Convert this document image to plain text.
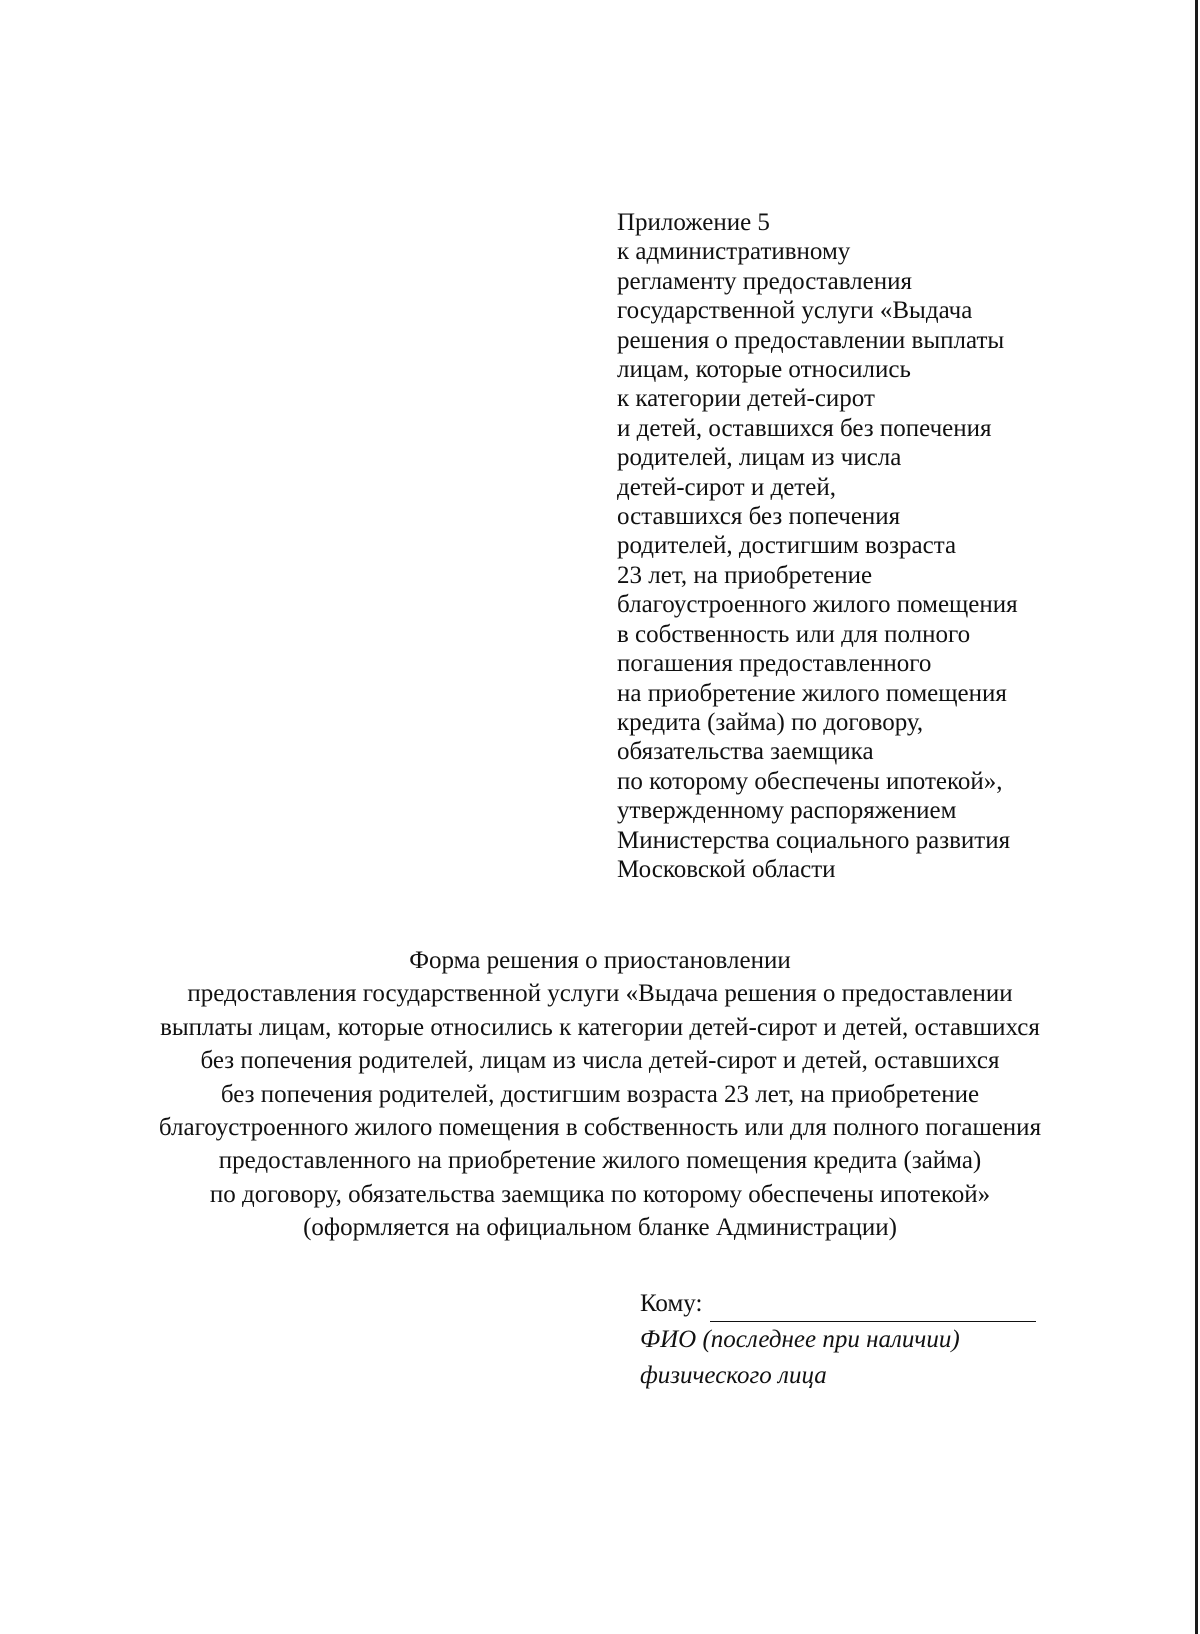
Приложение 5
к административному
регламенту предоставления
государственной услуги «Выдача
решения о предоставлении выплаты
лицам, которые относились
к категории детей-сирот
и детей, оставшихся без попечения
родителей, лицам из числа
детей-сирот и детей,
оставшихся без попечения
родителей, достигшим возраста
23 лет, на приобретение
благоустроенного жилого помещения
в собственность или для полного
погашения предоставленного
на приобретение жилого помещения
кредита (займа) по договору,
обязательства заемщика
по которому обеспечены ипотекой»,
утвержденному распоряжением
Министерства социального развития
Московской области
Форма решения о приостановлении
предоставления государственной услуги «Выдача решения о предоставлении
выплаты лицам, которые относились к категории детей-сирот и детей, оставшихся
без попечения родителей, лицам из числа детей-сирот и детей, оставшихся
без попечения родителей, достигшим возраста 23 лет, на приобретение
благоустроенного жилого помещения в собственность или для полного погашения
предоставленного на приобретение жилого помещения кредита (займа)
по договору, обязательства заемщика по которому обеспечены ипотекой»
(оформляется на официальном бланке Администрации)
Кому:
ФИО (последнее при наличии)
физического лица
